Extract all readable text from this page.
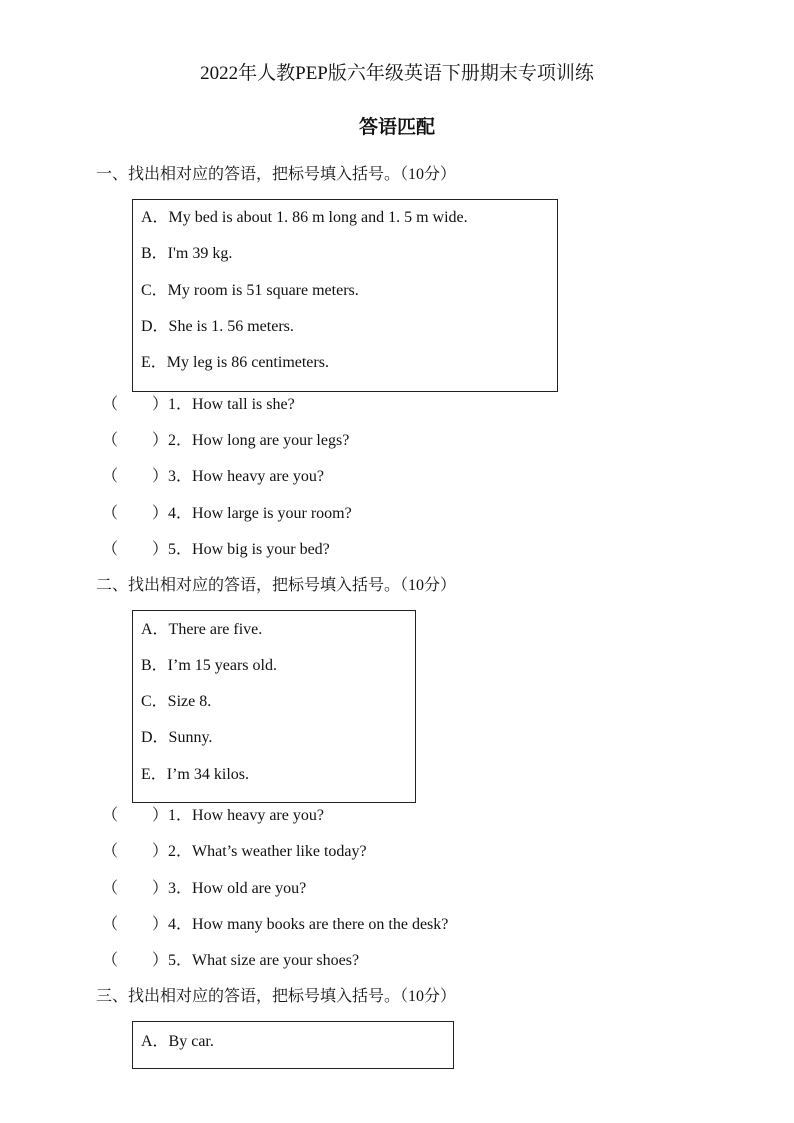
2022年人教PEP版六年级英语下册期末专项训练
答语匹配
一、找出相对应的答语，把标号填入括号。（10分）
A．My bed is about 1. 86 m long and 1. 5 m wide.
B．I'm 39 kg.
C．My room is 51 square meters.
D．She is 1. 56 meters.
E．My leg is 86 centimeters.
（ ）1．How tall is she?
（ ）2．How long are your legs?
（ ）3．How heavy are you?
（ ）4．How large is your room?
（ ）5．How big is your bed?
二、找出相对应的答语，把标号填入括号。（10分）
A．There are five.
B．I’m 15 years old.
C．Size 8.
D．Sunny.
E．I’m 34 kilos.
（ ）1．How heavy are you?
（ ）2．What’s weather like today?
（ ）3．How old are you?
（ ）4．How many books are there on the desk?
（ ）5．What size are your shoes?
三、找出相对应的答语，把标号填入括号。（10分）
A．By car.
